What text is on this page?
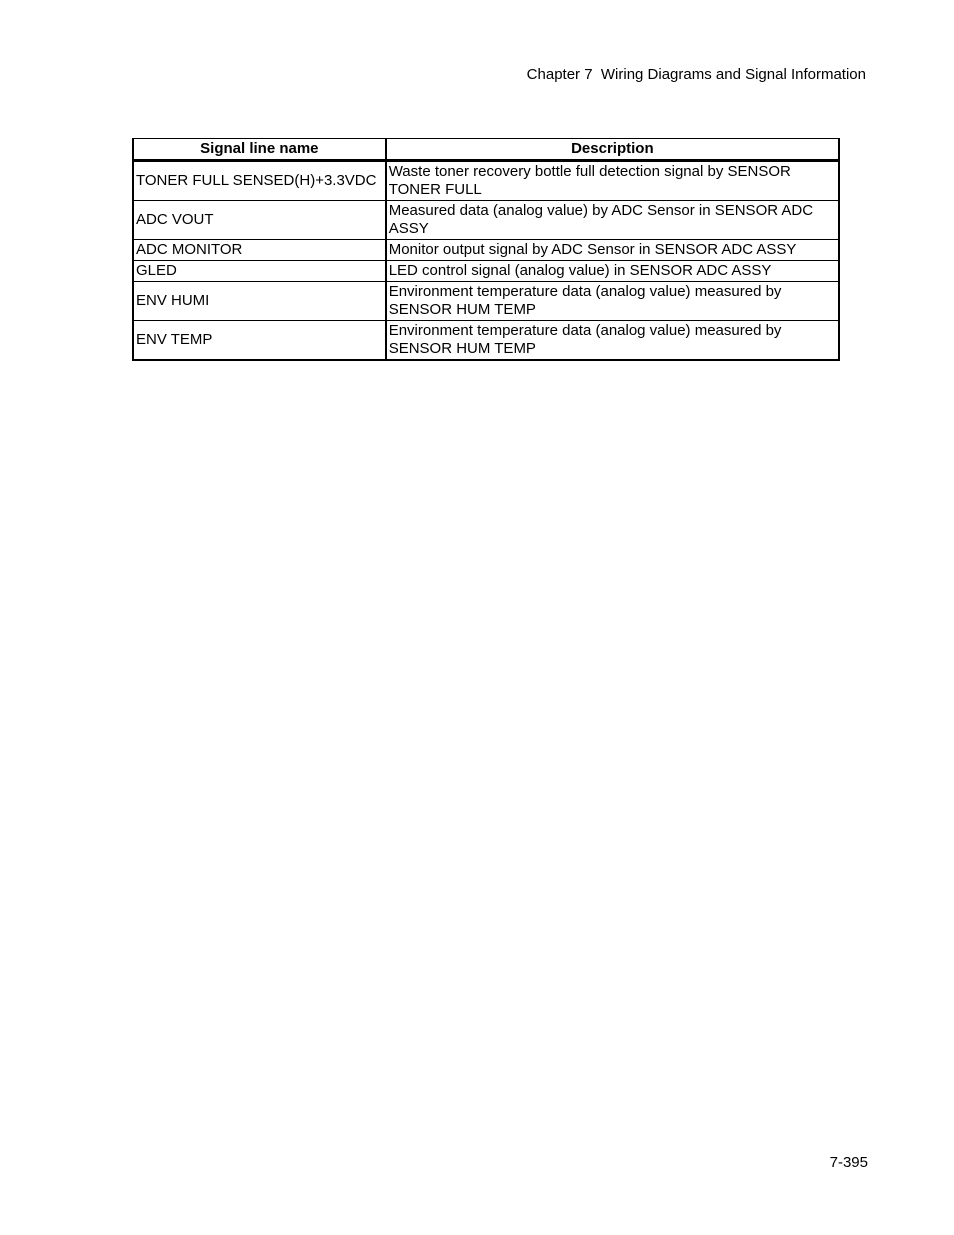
Chapter 7  Wiring Diagrams and Signal Information
Signal line name	Description
TONER FULL SENSED(H)+3.3VDC	Waste toner recovery bottle full detection signal by SENSOR TONER FULL
ADC VOUT	Measured data (analog value) by ADC Sensor in SENSOR ADC ASSY
ADC MONITOR	Monitor output signal by ADC Sensor in SENSOR ADC ASSY
GLED	LED control signal (analog value) in SENSOR ADC ASSY
ENV HUMI	Environment temperature data (analog value) measured by SENSOR HUM TEMP
ENV TEMP	Environment temperature data (analog value) measured by SENSOR HUM TEMP
7-395
